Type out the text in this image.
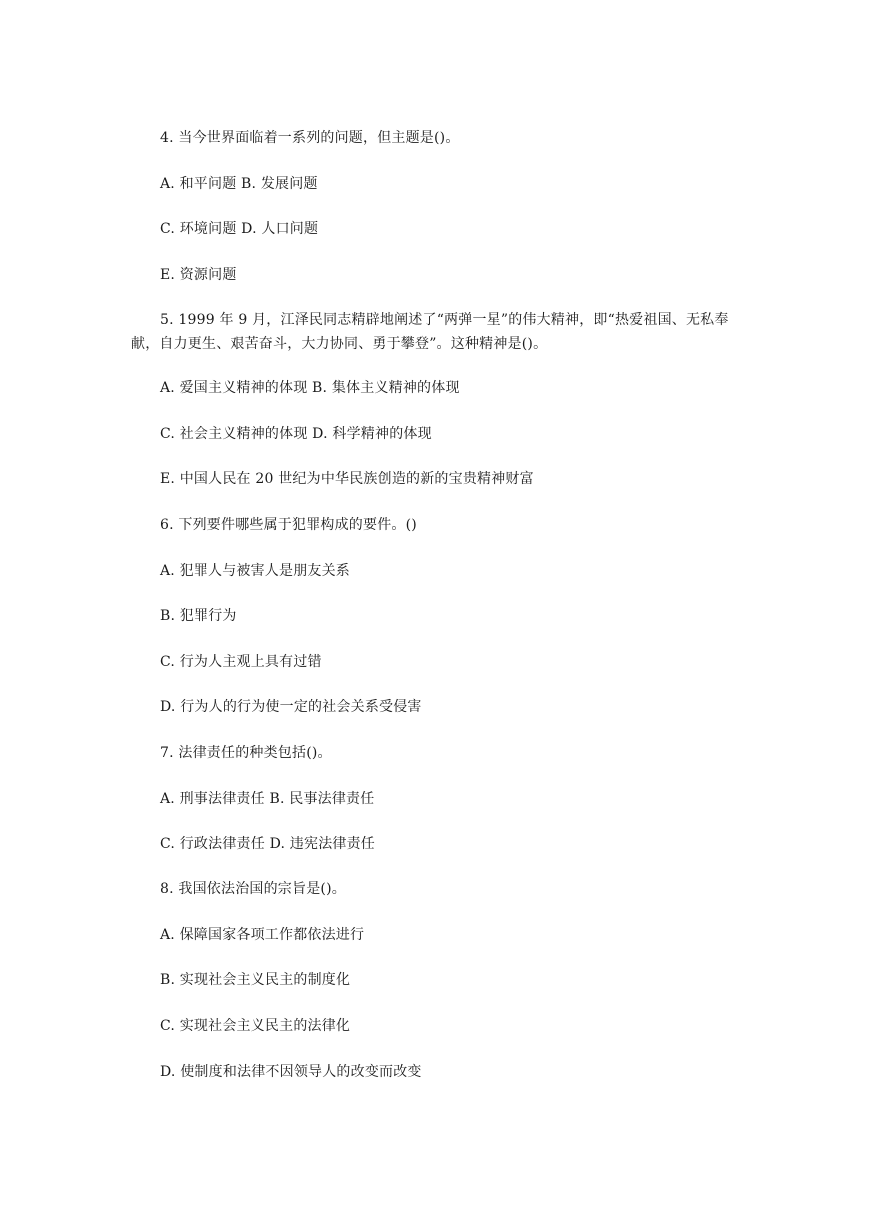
4. 当今世界面临着一系列的问题，但主题是()。
A. 和平问题 B. 发展问题
C. 环境问题 D. 人口问题
E. 资源问题
5. 1999 年 9 月，江泽民同志精辟地阐述了“两弹一星”的伟大精神，即“热爱祖国、无私奉献，自力更生、艰苦奋斗，大力协同、勇于攀登”。这种精神是()。
A. 爱国主义精神的体现 B. 集体主义精神的体现
C. 社会主义精神的体现 D. 科学精神的体现
E. 中国人民在 20 世纪为中华民族创造的新的宝贵精神财富
6. 下列要件哪些属于犯罪构成的要件。()
A. 犯罪人与被害人是朋友关系
B. 犯罪行为
C. 行为人主观上具有过错
D. 行为人的行为使一定的社会关系受侵害
7. 法律责任的种类包括()。
A. 刑事法律责任 B. 民事法律责任
C. 行政法律责任 D. 违宪法律责任
8. 我国依法治国的宗旨是()。
A. 保障国家各项工作都依法进行
B. 实现社会主义民主的制度化
C. 实现社会主义民主的法律化
D. 使制度和法律不因领导人的改变而改变
